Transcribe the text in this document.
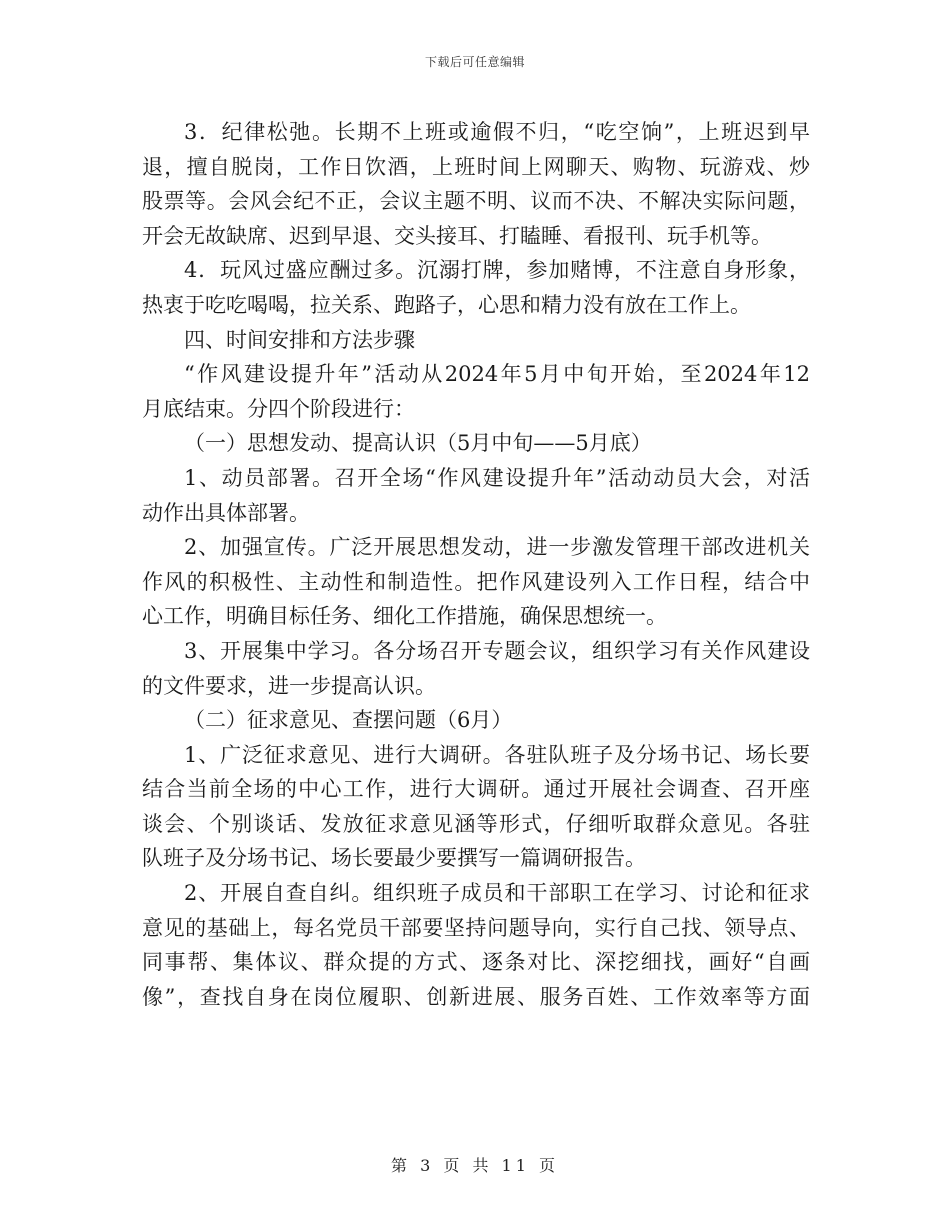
下载后可任意编辑
3．纪律松弛。长期不上班或逾假不归，“吃空饷”，上班迟到早
退，擅自脱岗，工作日饮酒，上班时间上网聊天、购物、玩游戏、炒
股票等。会风会纪不正，会议主题不明、议而不决、不解决实际问题，
开会无故缺席、迟到早退、交头接耳、打瞌睡、看报刊、玩手机等。
4．玩风过盛应酬过多。沉溺打牌，参加赌博，不注意自身形象，
热衷于吃吃喝喝，拉关系、跑路子，心思和精力没有放在工作上。
四、时间安排和方法步骤
“作风建设提升年”活动从2024年5月中旬开始，至2024年12
月底结束。分四个阶段进行：
（一）思想发动、提高认识（5月中旬——5月底）
1、动员部署。召开全场“作风建设提升年”活动动员大会，对活
动作出具体部署。
2、加强宣传。广泛开展思想发动，进一步激发管理干部改进机关
作风的积极性、主动性和制造性。把作风建设列入工作日程，结合中
心工作，明确目标任务、细化工作措施，确保思想统一。
3、开展集中学习。各分场召开专题会议，组织学习有关作风建设
的文件要求，进一步提高认识。
（二）征求意见、查摆问题（6月）
1、广泛征求意见、进行大调研。各驻队班子及分场书记、场长要
结合当前全场的中心工作，进行大调研。通过开展社会调查、召开座
谈会、个别谈话、发放征求意见涵等形式，仔细听取群众意见。各驻
队班子及分场书记、场长要最少要撰写一篇调研报告。
2、开展自查自纠。组织班子成员和干部职工在学习、讨论和征求
意见的基础上，每名党员干部要坚持问题导向，实行自己找、领导点、
同事帮、集体议、群众提的方式、逐条对比、深挖细找，画好“自画
像”，查找自身在岗位履职、创新进展、服务百姓、工作效率等方面
第 3 页 共 11 页
